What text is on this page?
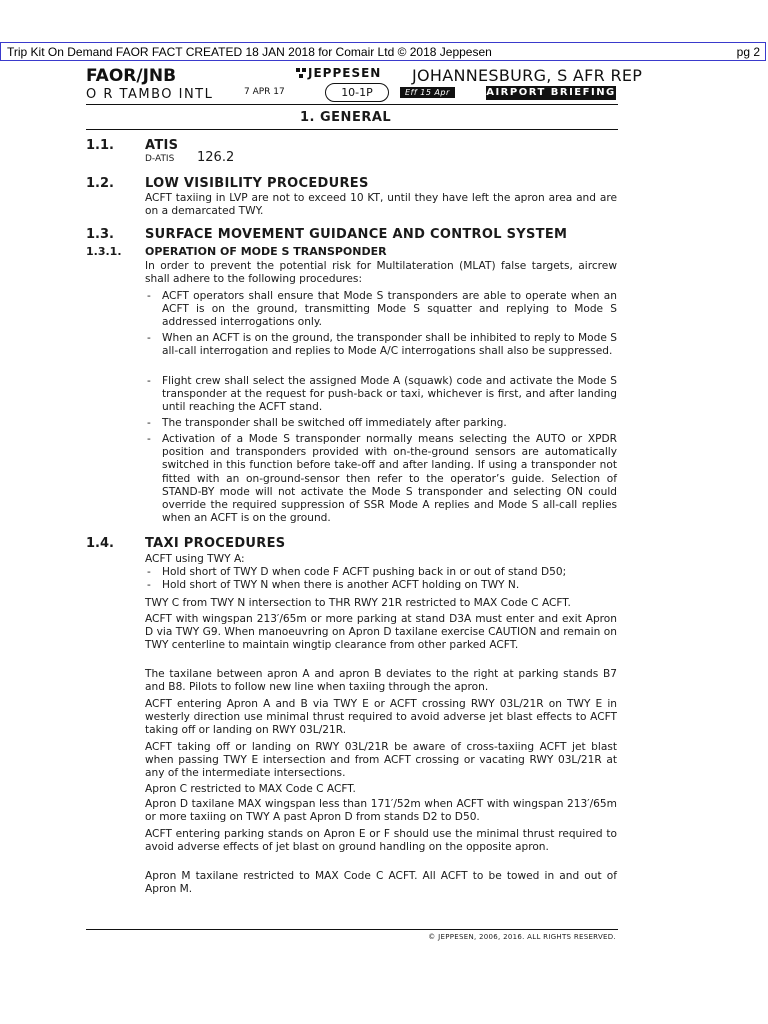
Trip Kit On Demand FAOR FACT CREATED 18 JAN 2018 for Comair Ltd © 2018 Jeppesen	pg 2
FAOR/JNB
O R TAMBO INTL	7 APR 17
JEPPESEN JOHANNESBURG, S AFR REP
10-1P	Eff 15 Apr	AIRPORT BRIEFING
1. GENERAL
1.1. ATIS
D-ATIS 126.2
1.2. LOW VISIBILITY PROCEDURES

ACFT taxiing in LVP are not to exceed 10 KT, until they have left the apron area and are on a demarcated TWY.

1.3. SURFACE MOVEMENT GUIDANCE AND CONTROL SYSTEM
1.3.1. OPERATION OF MODE S TRANSPONDER

In order to prevent the potential risk for Multilateration (MLAT) false targets, aircrew shall adhere to the following procedures:

- ACFT operators shall ensure that Mode S transponders are able to operate when an ACFT is on the ground, transmitting Mode S squatter and replying to Mode S addressed interrogations only.

- When an ACFT is on the ground, the transponder shall be inhibited to reply to Mode S all-call interrogation and replies to Mode A/C interrogations shall also be suppressed.

- Flight crew shall select the assigned Mode A (squawk) code and activate the Mode S transponder at the request for push-back or taxi, whichever is first, and after landing until reaching the ACFT stand.

- The transponder shall be switched off immediately after parking.

- Activation of a Mode S transponder normally means selecting the AUTO or XPDR position and transponders provided with on-the-ground sensors are automatically switched in this function before take-off and after landing. If using a transponder not fitted with an on-ground-sensor then refer to the operator’s guide. Selection of STAND-BY mode will not activate the Mode S transponder and selecting ON could override the required suppression of SSR Mode A replies and Mode S all-call replies when an ACFT is on the ground.

1.4. TAXI PROCEDURES

ACFT using TWY A:

- Hold short of TWY D when code F ACFT pushing back in or out of stand D50;

- Hold short of TWY N when there is another ACFT holding on TWY N.

TWY C from TWY N intersection to THR RWY 21R restricted to MAX Code C ACFT.

ACFT with wingspan 213′/65m or more parking at stand D3A must enter and exit Apron D via TWY G9. When manoeuvring on Apron D taxilane exercise CAUTION and remain on TWY centerline to maintain wingtip clearance from other parked ACFT.

The taxilane between apron A and apron B deviates to the right at parking stands B7 and B8. Pilots to follow new line when taxiing through the apron.

ACFT entering Apron A and B via TWY E or ACFT crossing RWY 03L/21R on TWY E in westerly direction use minimal thrust required to avoid adverse jet blast effects to ACFT taking off or landing on RWY 03L/21R.

ACFT taking off or landing on RWY 03L/21R be aware of cross-taxiing ACFT jet blast when passing TWY E intersection and from ACFT crossing or vacating RWY 03L/21R at any of the intermediate intersections.

Apron C restricted to MAX Code C ACFT.

Apron D taxilane MAX wingspan less than 171′/52m when ACFT with wingspan 213′/65m or more taxiing on TWY A past Apron D from stands D2 to D50.

ACFT entering parking stands on Apron E or F should use the minimal thrust required to avoid adverse effects of jet blast on ground handling on the opposite apron.

Apron M taxilane restricted to MAX Code C ACFT. All ACFT to be towed in and out of Apron M.

© JEPPESEN, 2006, 2016. ALL RIGHTS RESERVED.
